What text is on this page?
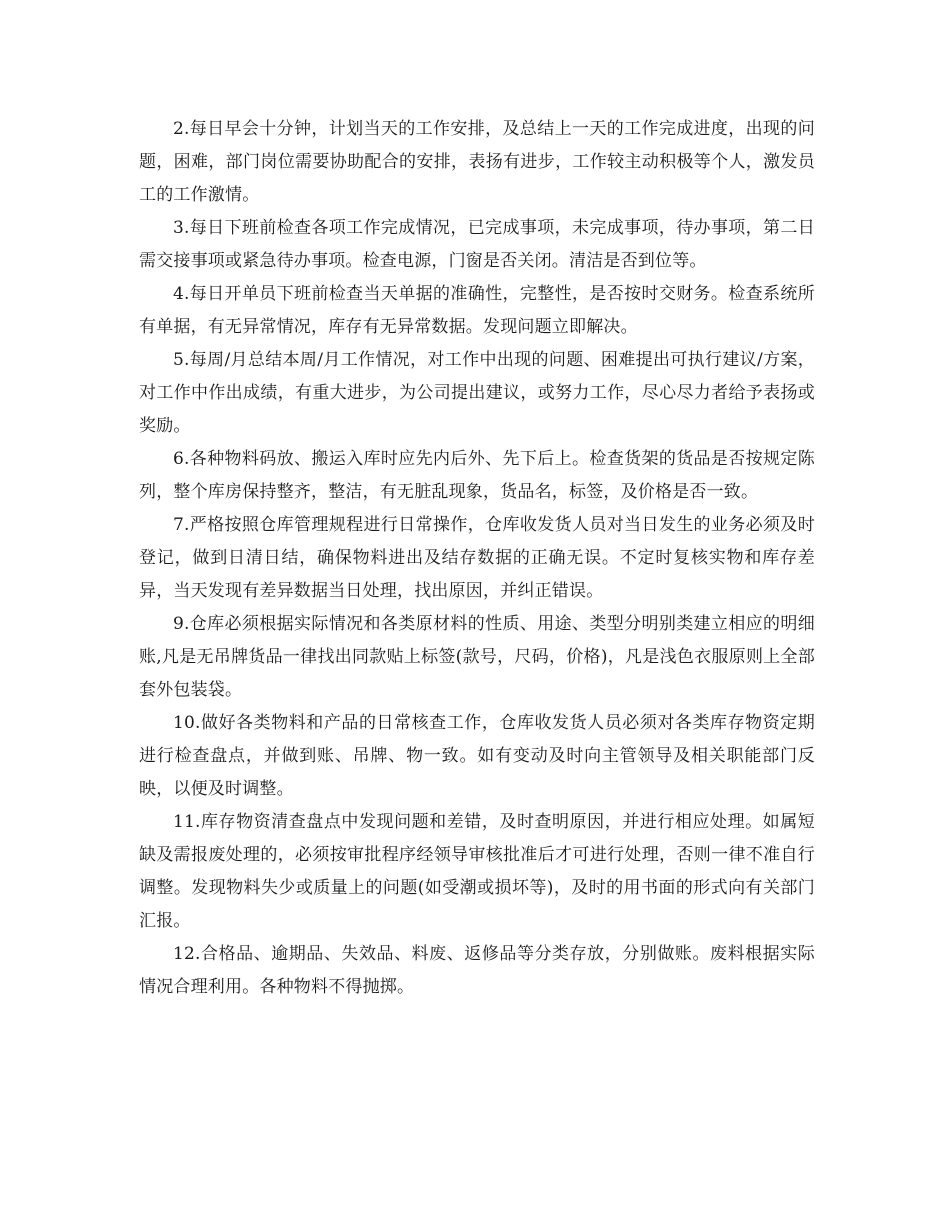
2.每日早会十分钟，计划当天的工作安排，及总结上一天的工作完成进度，出现的问题，困难，部门岗位需要协助配合的安排，表扬有进步，工作较主动积极等个人，激发员工的工作激情。

3.每日下班前检查各项工作完成情况，已完成事项，未完成事项，待办事项，第二日需交接事项或紧急待办事项。检查电源，门窗是否关闭。清洁是否到位等。

4.每日开单员下班前检查当天单据的准确性，完整性，是否按时交财务。检查系统所有单据，有无异常情况，库存有无异常数据。发现问题立即解决。

5.每周/月总结本周/月工作情况，对工作中出现的问题、困难提出可执行建议/方案，对工作中作出成绩，有重大进步，为公司提出建议，或努力工作，尽心尽力者给予表扬或奖励。

6.各种物料码放、搬运入库时应先内后外、先下后上。检查货架的货品是否按规定陈列，整个库房保持整齐，整洁，有无脏乱现象，货品名，标签，及价格是否一致。

7.严格按照仓库管理规程进行日常操作，仓库收发货人员对当日发生的业务必须及时登记，做到日清日结，确保物料进出及结存数据的正确无误。不定时复核实物和库存差异，当天发现有差异数据当日处理，找出原因，并纠正错误。

9.仓库必须根据实际情况和各类原材料的性质、用途、类型分明别类建立相应的明细账,凡是无吊牌货品一律找出同款贴上标签(款号，尺码，价格)，凡是浅色衣服原则上全部套外包装袋。

10.做好各类物料和产品的日常核查工作，仓库收发货人员必须对各类库存物资定期进行检查盘点，并做到账、吊牌、物一致。如有变动及时向主管领导及相关职能部门反映，以便及时调整。

11.库存物资清查盘点中发现问题和差错，及时查明原因，并进行相应处理。如属短缺及需报废处理的，必须按审批程序经领导审核批准后才可进行处理，否则一律不准自行调整。发现物料失少或质量上的问题(如受潮或损坏等)，及时的用书面的形式向有关部门汇报。

12.合格品、逾期品、失效品、料废、返修品等分类存放，分别做账。废料根据实际情况合理利用。各种物料不得抛掷。
